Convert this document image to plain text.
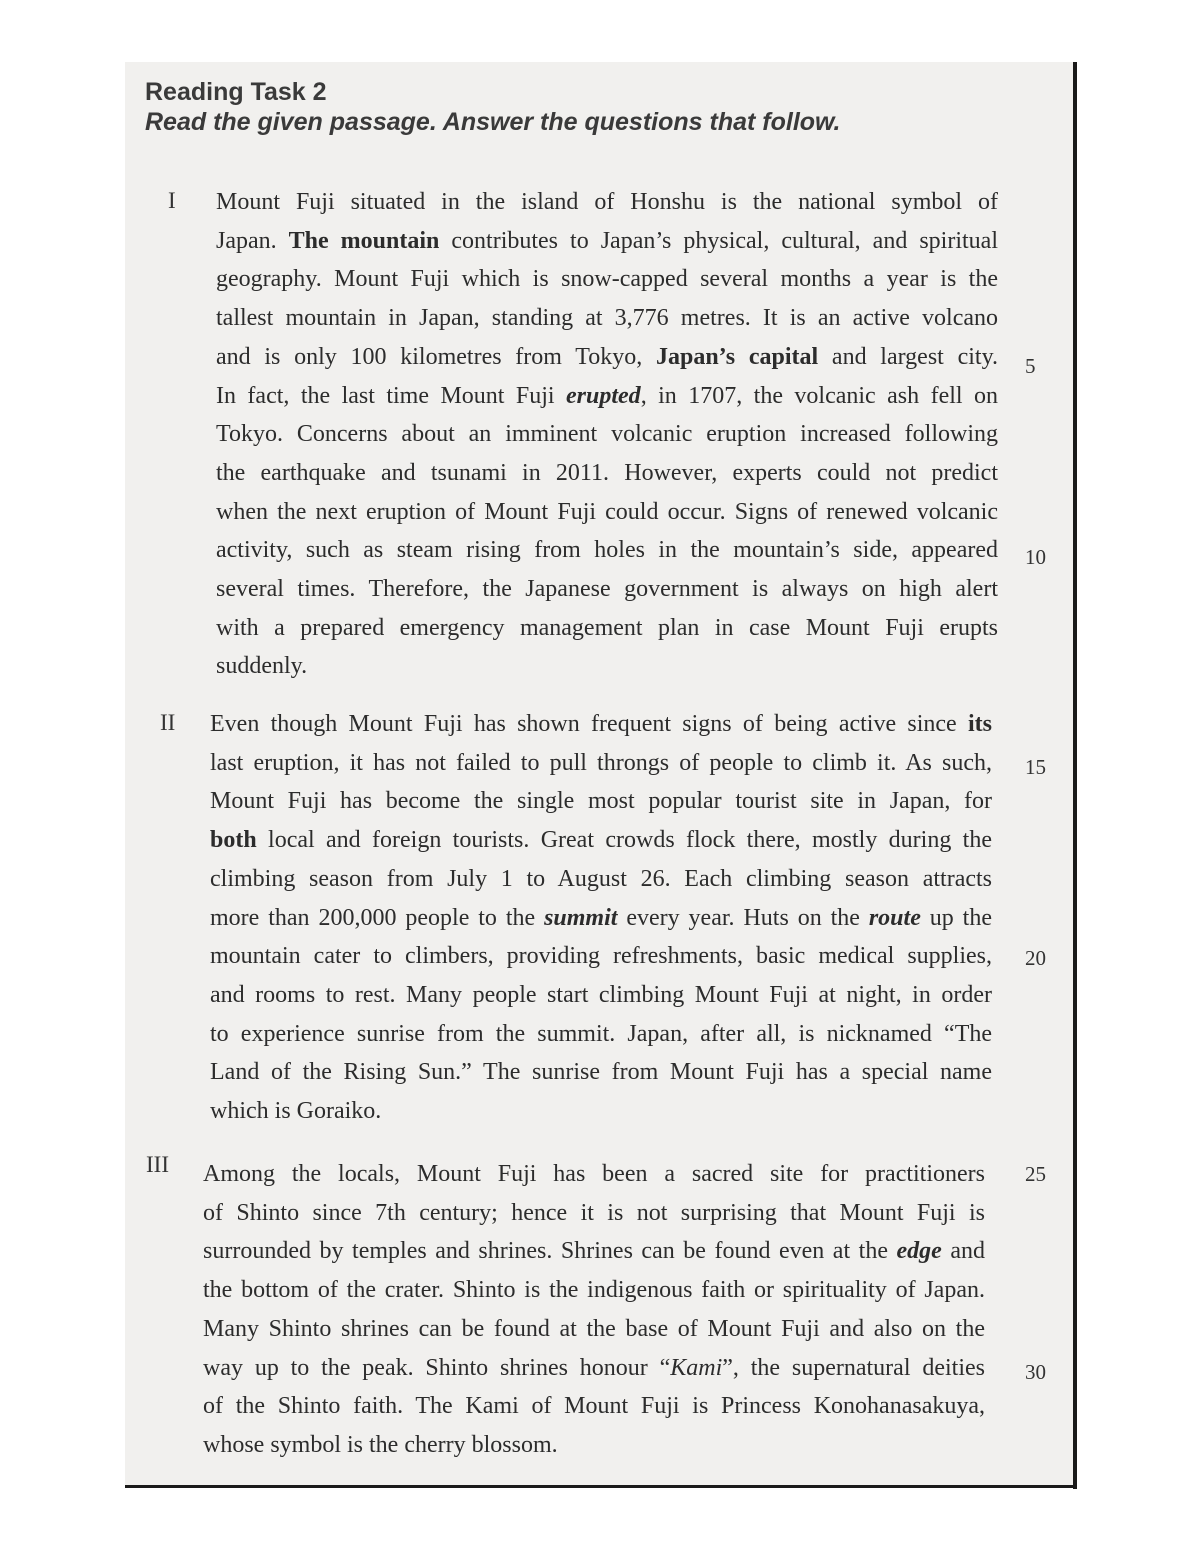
Reading Task 2
Read the given passage. Answer the questions that follow.
I Mount Fuji situated in the island of Honshu is the national symbol of
Japan. The mountain contributes to Japan’s physical, cultural, and spiritual
geography. Mount Fuji which is snow-capped several months a year is the
tallest mountain in Japan, standing at 3,776 metres. It is an active volcano
and is only 100 kilometres from Tokyo, Japan’s capital and largest city.
In fact, the last time Mount Fuji erupted, in 1707, the volcanic ash fell on
Tokyo. Concerns about an imminent volcanic eruption increased following
the earthquake and tsunami in 2011. However, experts could not predict
when the next eruption of Mount Fuji could occur. Signs of renewed volcanic
activity, such as steam rising from holes in the mountain’s side, appeared
several times. Therefore, the Japanese government is always on high alert
with a prepared emergency management plan in case Mount Fuji erupts
suddenly.
II Even though Mount Fuji has shown frequent signs of being active since its
last eruption, it has not failed to pull throngs of people to climb it. As such,
Mount Fuji has become the single most popular tourist site in Japan, for
both local and foreign tourists. Great crowds flock there, mostly during the
climbing season from July 1 to August 26. Each climbing season attracts
more than 200,000 people to the summit every year. Huts on the route up the
mountain cater to climbers, providing refreshments, basic medical supplies,
and rooms to rest. Many people start climbing Mount Fuji at night, in order
to experience sunrise from the summit. Japan, after all, is nicknamed “The
Land of the Rising Sun.” The sunrise from Mount Fuji has a special name
which is Goraiko.
III Among the locals, Mount Fuji has been a sacred site for practitioners
of Shinto since 7th century; hence it is not surprising that Mount Fuji is
surrounded by temples and shrines. Shrines can be found even at the edge and
the bottom of the crater. Shinto is the indigenous faith or spirituality of Japan.
Many Shinto shrines can be found at the base of Mount Fuji and also on the
way up to the peak. Shinto shrines honour “Kami”, the supernatural deities
of the Shinto faith. The Kami of Mount Fuji is Princess Konohanasakuya,
whose symbol is the cherry blossom.
5
10
15
20
25
30
